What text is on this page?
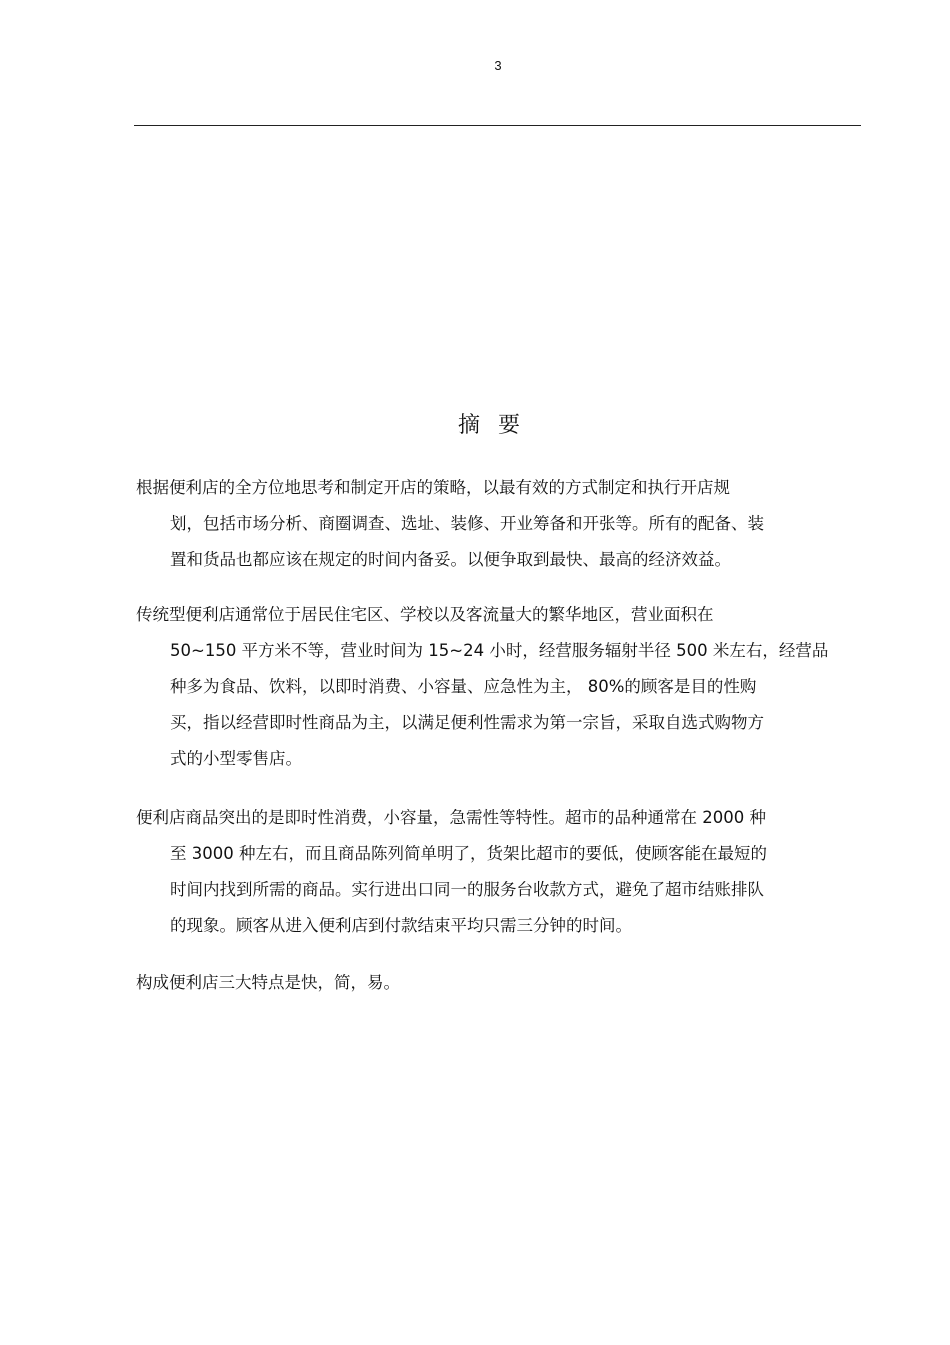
3
摘要
根据便利店的全方位地思考和制定开店的策略，以最有效的方式制定和执行开店规
划，包括市场分析、商圈调查、选址、装修、开业筹备和开张等。所有的配备、装
置和货品也都应该在规定的时间内备妥。以便争取到最快、最高的经济效益。
传统型便利店通常位于居民住宅区、学校以及客流量大的繁华地区，营业面积在
50~150 平方米不等，营业时间为 15~24 小时，经营服务辐射半径 500 米左右，经营品
种多为食品、饮料，以即时消费、小容量、应急性为主， 80%的顾客是目的性购
买，指以经营即时性商品为主，以满足便利性需求为第一宗旨，采取自选式购物方
式的小型零售店。
便利店商品突出的是即时性消费，小容量，急需性等特性。超市的品种通常在 2000 种
至 3000 种左右，而且商品陈列简单明了，货架比超市的要低，使顾客能在最短的
时间内找到所需的商品。实行进出口同一的服务台收款方式，避免了超市结账排队
的现象。顾客从进入便利店到付款结束平均只需三分钟的时间。
构成便利店三大特点是快，简，易。
